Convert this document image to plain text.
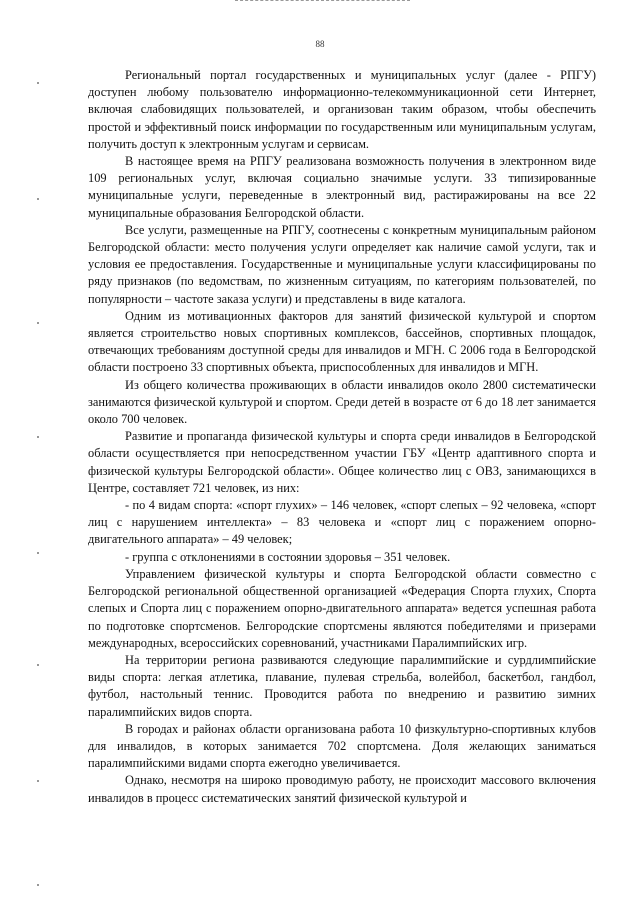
88

Региональный портал государственных и муниципальных услуг (далее - РПГУ) доступен любому пользователю информационно-телекоммуникационной сети Интернет, включая слабовидящих пользователей, и организован таким образом, чтобы обеспечить простой и эффективный поиск информации по государственным или муниципальным услугам, получить доступ к электронным услугам и сервисам.

В настоящее время на РПГУ реализована возможность получения в электронном виде 109 региональных услуг, включая социально значимые услуги. 33 типизированные муниципальные услуги, переведенные в электронный вид, растиражированы на все 22 муниципальные образования Белгородской области.

Все услуги, размещенные на РПГУ, соотнесены с конкретным муниципальным районом Белгородской области: место получения услуги определяет как наличие самой услуги, так и условия ее предоставления. Государственные и муниципальные услуги классифицированы по ряду признаков (по ведомствам, по жизненным ситуациям, по категориям пользователей, по популярности – частоте заказа услуги) и представлены в виде каталога.

Одним из мотивационных факторов для занятий физической культурой и спортом является строительство новых спортивных комплексов, бассейнов, спортивных площадок, отвечающих требованиям доступной среды для инвалидов и МГН. С 2006 года в Белгородской области построено 33 спортивных объекта, приспособленных для инвалидов и МГН.

Из общего количества проживающих в области инвалидов около 2800 систематически занимаются физической культурой и спортом. Среди детей в возрасте от 6 до 18 лет занимается около 700 человек.

Развитие и пропаганда физической культуры и спорта среди инвалидов в Белгородской области осуществляется при непосредственном участии ГБУ «Центр адаптивного спорта и физической культуры Белгородской области». Общее количество лиц с ОВЗ, занимающихся в Центре, составляет 721 человек, из них:

- по 4 видам спорта: «спорт глухих» – 146 человек, «спорт слепых – 92 человека, «спорт лиц с нарушением интеллекта» – 83 человека и «спорт лиц с поражением опорно-двигательного аппарата» – 49 человек;

- группа с отклонениями в состоянии здоровья – 351 человек.

Управлением физической культуры и спорта Белгородской области совместно с Белгородской региональной общественной организацией «Федерация Спорта глухих, Спорта слепых и Спорта лиц с поражением опорно-двигательного аппарата» ведется успешная работа по подготовке спортсменов. Белгородские спортсмены являются победителями и призерами международных, всероссийских соревнований, участниками Паралимпийских игр.

На территории региона развиваются следующие паралимпийские и сурдлимпийские виды спорта: легкая атлетика, плавание, пулевая стрельба, волейбол, баскетбол, гандбол, футбол, настольный теннис. Проводится работа по внедрению и развитию зимних паралимпийских видов спорта.

В городах и районах области организована работа 10 физкультурно-спортивных клубов для инвалидов, в которых занимается 702 спортсмена. Доля желающих заниматься паралимпийскими видами спорта ежегодно увеличивается.

Однако, несмотря на широко проводимую работу, не происходит массового включения инвалидов в процесс систематических занятий физической культурой и
